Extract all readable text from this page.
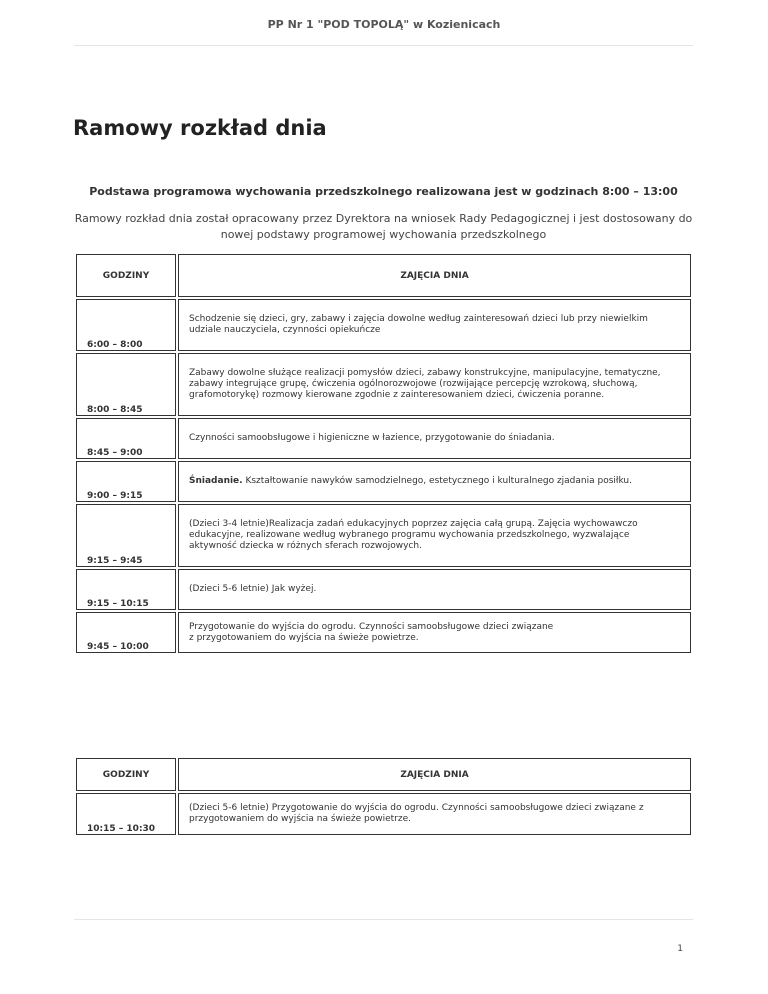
PP Nr 1 "POD TOPOLĄ" w Kozienicach
Ramowy rozkład dnia
Podstawa programowa wychowania przedszkolnego realizowana jest w godzinach 8:00 – 13:00
Ramowy rozkład dnia został opracowany przez Dyrektora na wniosek Rady Pedagogicznej i jest dostosowany do nowej podstawy programowej wychowania przedszkolnego
GODZINY	ZAJĘCIA DNIA
6:00 – 8:00	Schodzenie się dzieci, gry, zabawy i zajęcia dowolne według zainteresowań dzieci lub przy niewielkim udziale nauczyciela, czynności opiekuńcze
8:00 – 8:45	Zabawy dowolne służące realizacji pomysłów dzieci, zabawy konstrukcyjne, manipulacyjne, tematyczne, zabawy integrujące grupę, ćwiczenia ogólnorozwojowe (rozwijające percepcję wzrokową, słuchową, grafomotorykę) rozmowy kierowane zgodnie z zainteresowaniem dzieci, ćwiczenia poranne.
8:45 – 9:00	Czynności samoobsługowe i higieniczne w łazience, przygotowanie do śniadania.
9:00 – 9:15	Śniadanie. Kształtowanie nawyków samodzielnego, estetycznego i kulturalnego zjadania posiłku.
9:15 – 9:45	(Dzieci 3-4 letnie)Realizacja zadań edukacyjnych poprzez zajęcia całą grupą. Zajęcia wychowawczo edukacyjne, realizowane według wybranego programu wychowania przedszkolnego, wyzwalające aktywność dziecka w różnych sferach rozwojowych.
9:15 – 10:15	(Dzieci 5-6 letnie) Jak wyżej.
9:45 – 10:00	Przygotowanie do wyjścia do ogrodu. Czynności samoobsługowe dzieci związane
z przygotowaniem do wyjścia na świeże powietrze.
GODZINY	ZAJĘCIA DNIA
10:15 – 10:30	(Dzieci 5-6 letnie) Przygotowanie do wyjścia do ogrodu. Czynności samoobsługowe dzieci związane z przygotowaniem do wyjścia na świeże powietrze.
1
